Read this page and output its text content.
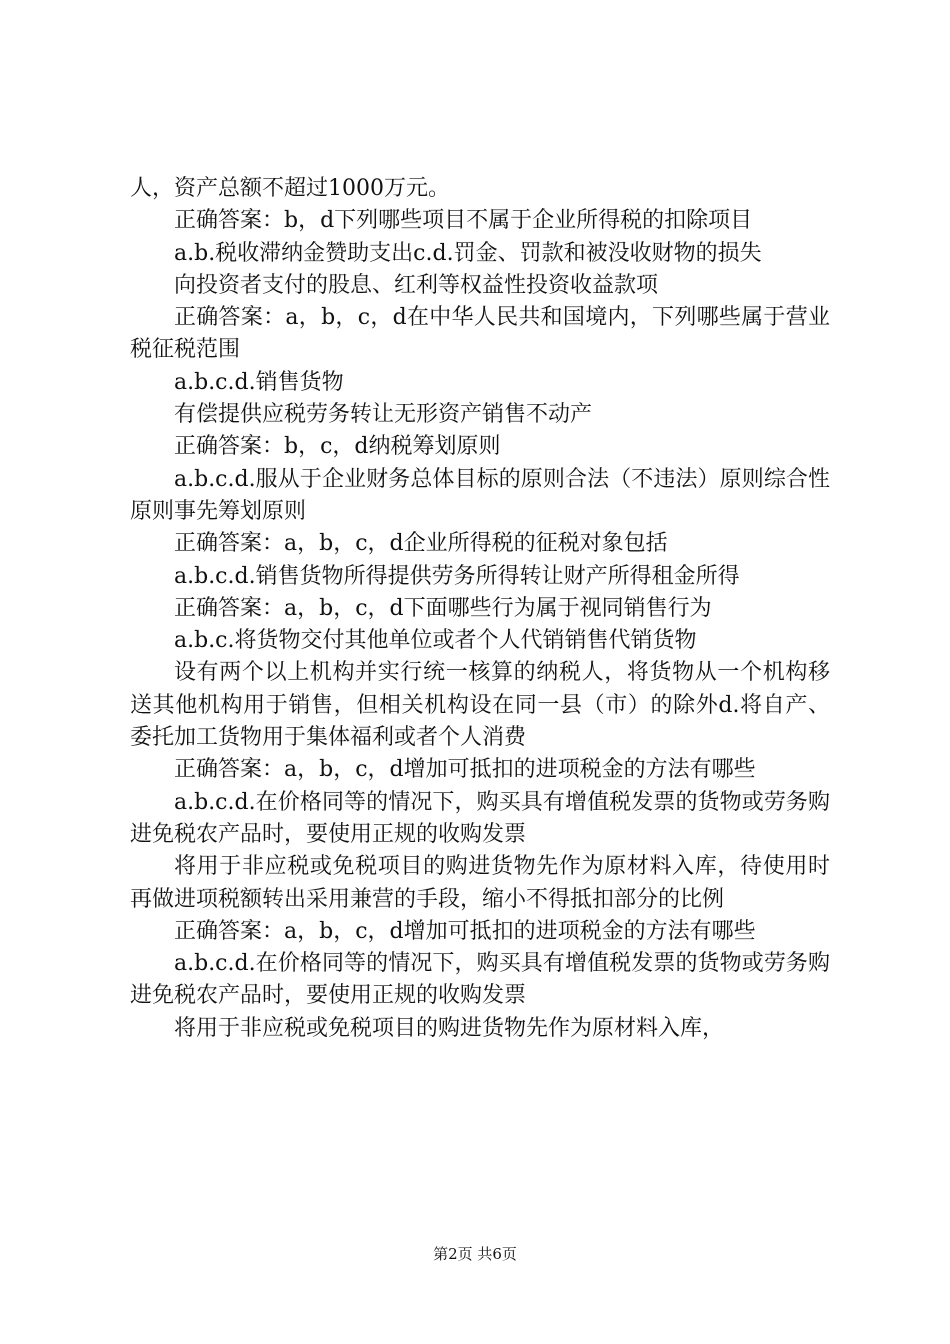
人，资产总额不超过1000万元。

正确答案：b，d下列哪些项目不属于企业所得税的扣除项目

a.b.税收滞纳金赞助支出c.d.罚金、罚款和被没收财物的损失

向投资者支付的股息、红利等权益性投资收益款项

正确答案：a，b，c，d在中华人民共和国境内，下列哪些属于营业税征税范围

a.b.c.d.销售货物

有偿提供应税劳务转让无形资产销售不动产

正确答案：b，c，d纳税筹划原则

a.b.c.d.服从于企业财务总体目标的原则合法（不违法）原则综合性原则事先筹划原则

正确答案：a，b，c，d企业所得税的征税对象包括

a.b.c.d.销售货物所得提供劳务所得转让财产所得租金所得

正确答案：a，b，c，d下面哪些行为属于视同销售行为

a.b.c.将货物交付其他单位或者个人代销销售代销货物

设有两个以上机构并实行统一核算的纳税人，将货物从一个机构移送其他机构用于销售，但相关机构设在同一县（市）的除外d.将自产、委托加工货物用于集体福利或者个人消费

正确答案：a，b，c，d增加可抵扣的进项税金的方法有哪些

a.b.c.d.在价格同等的情况下，购买具有增值税发票的货物或劳务购进免税农产品时，要使用正规的收购发票

将用于非应税或免税项目的购进货物先作为原材料入库，待使用时再做进项税额转出采用兼营的手段，缩小不得抵扣部分的比例

正确答案：a，b，c，d增加可抵扣的进项税金的方法有哪些

a.b.c.d.在价格同等的情况下，购买具有增值税发票的货物或劳务购进免税农产品时，要使用正规的收购发票

将用于非应税或免税项目的购进货物先作为原材料入库，

第2页 共6页
